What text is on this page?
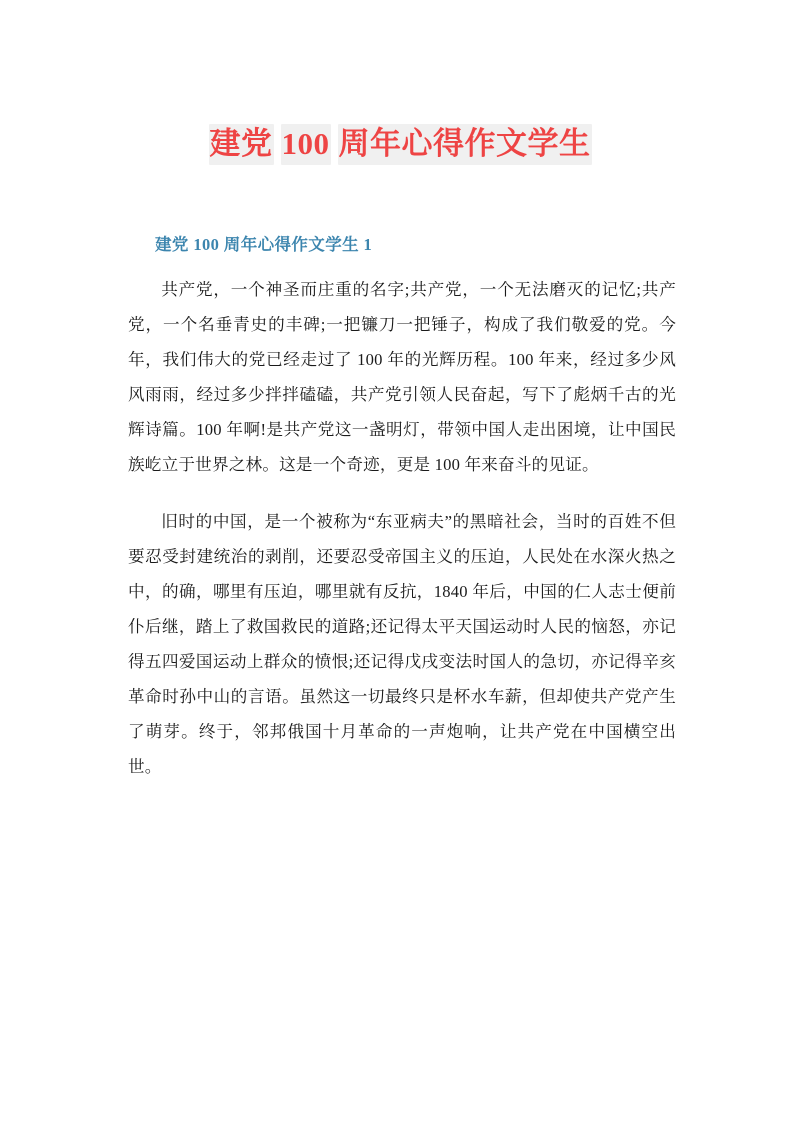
建党 100 周年心得作文学生
建党 100 周年心得作文学生 1

共产党，一个神圣而庄重的名字;共产党，一个无法磨灭的记忆;共产党，一个名垂青史的丰碑;一把镰刀一把锤子，构成了我们敬爱的党。今年，我们伟大的党已经走过了 100 年的光辉历程。100 年来，经过多少风风雨雨，经过多少拌拌磕磕，共产党引领人民奋起，写下了彪炳千古的光辉诗篇。100 年啊!是共产党这一盏明灯，带领中国人走出困境，让中国民族屹立于世界之林。这是一个奇迹，更是 100 年来奋斗的见证。

旧时的中国，是一个被称为“东亚病夫”的黑暗社会，当时的百姓不但要忍受封建统治的剥削，还要忍受帝国主义的压迫，人民处在水深火热之中，的确，哪里有压迫，哪里就有反抗，1840 年后，中国的仁人志士便前仆后继，踏上了救国救民的道路;还记得太平天国运动时人民的恼怒，亦记得五四爱国运动上群众的愤恨;还记得戊戌变法时国人的急切，亦记得辛亥革命时孙中山的言语。虽然这一切最终只是杯水车薪，但却使共产党产生了萌芽。终于，邻邦俄国十月革命的一声炮响，让共产党在中国横空出世。
